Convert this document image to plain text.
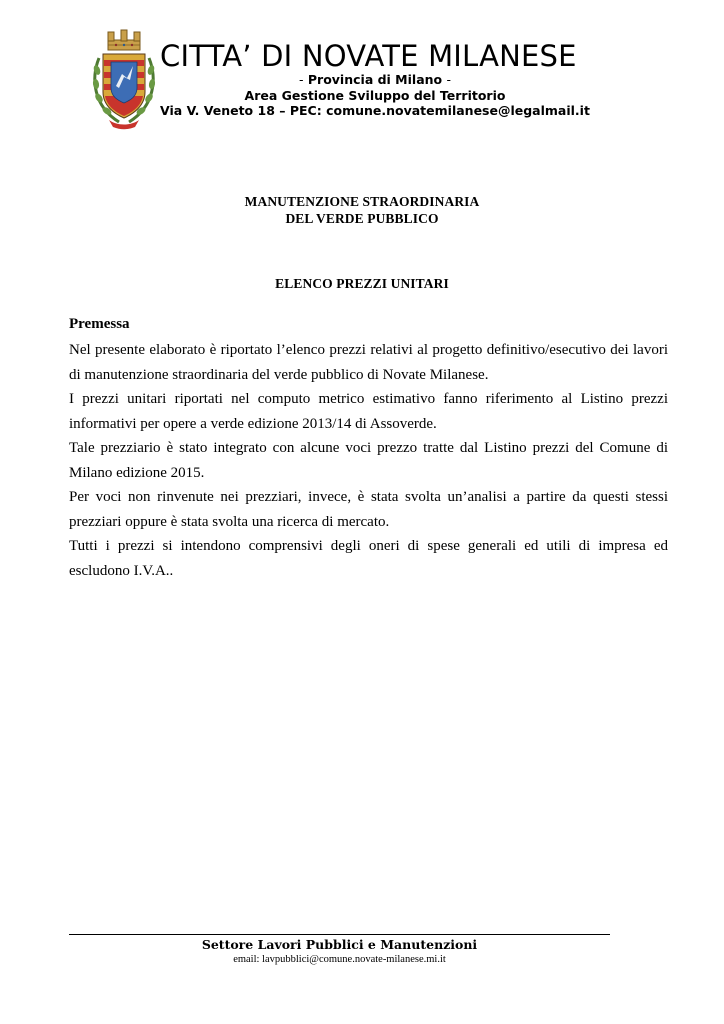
CITTA’ DI NOVATE MILANESE
- Provincia di Milano -
Area Gestione Sviluppo del Territorio
Via V. Veneto 18 – PEC: comune.novatemilanese@legalmail.it
MANUTENZIONE STRAORDINARIA
DEL VERDE PUBBLICO
ELENCO PREZZI UNITARI
Premessa

Nel presente elaborato è riportato l’elenco prezzi relativi al progetto definitivo/esecutivo dei lavori di manutenzione straordinaria del verde pubblico di Novate Milanese.

I prezzi unitari riportati nel computo metrico estimativo fanno riferimento al Listino prezzi informativi per opere a verde edizione 2013/14 di Assoverde.

Tale prezziario è stato integrato con alcune voci prezzo tratte dal Listino prezzi del Comune di Milano edizione 2015.

Per voci non rinvenute nei prezziari, invece, è stata svolta un’analisi a partire da questi stessi prezziari oppure è stata svolta una ricerca di mercato.

Tutti i prezzi si intendono comprensivi degli oneri di spese generali ed utili di impresa ed escludono I.V.A..

Settore Lavori Pubblici e Manutenzioni
email: lavpubblici@comune.novate-milanese.mi.it
